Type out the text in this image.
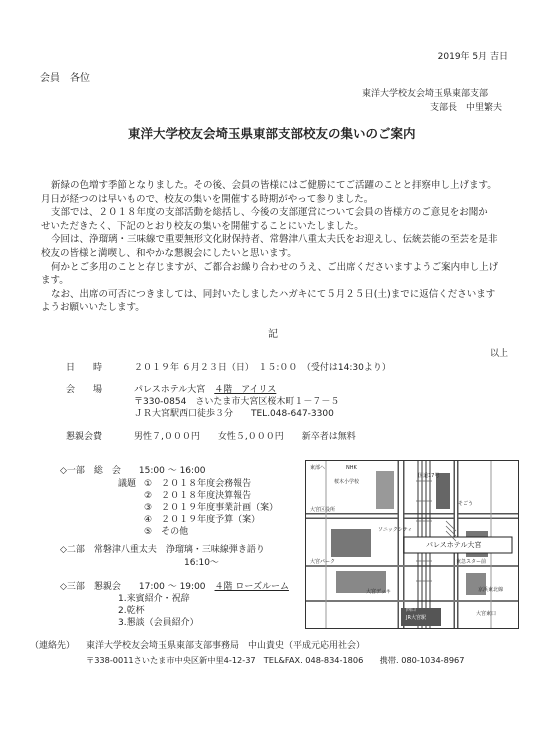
2019年 5月 吉日
会員　各位
東洋大学校友会埼玉県東部支部
支部長　中里繁夫
東洋大学校友会埼玉県東部支部校友の集いのご案内

新緑の色増す季節となりました。その後、会員の皆様にはご健勝にてご活躍のことと拝察申し上げます。

月日が経つのは早いもので、校友の集いを開催する時期がやって参りました。

支部では、２０１８年度の支部活動を総括し、今後の支部運営について会員の皆様方のご意見をお聞か

せいただきたく、下記のとおり校友の集いを開催することにいたしました。

今回は、浄瑠璃・三味線で重要無形文化財保持者、常磐津八重太夫氏をお迎えし、伝統芸能の至芸を是非

校友の皆様と満喫し、和やかな懇親会にしたいと思います。

何かとご多用のことと存じますが、ご都合お繰り合わせのうえ、ご出席くださいますようご案内申し上げ

ます。

なお、出席の可否につきましては、同封いたしましたハガキにて５月２５日(土)までに返信くださいます

ようお願いいたします。

記
以上
日　　時	２０１９年 ６月２３日（日）　１５:００　（受付は14:30より）
会　　場	パレスホテル大宮　４階　アイリス
〒330-0854　さいたま市大宮区桜木町１－７－５
ＪＲ大宮駅西口徒歩３分　　TEL.048-647-3300
懇親会費	男性７,０００円　　女性５,０００円　　新卒者は無料
◇一部　総　会　　15:00 ～ 16:00
議題 ①　２０１８年度会務報告
②　２０１８年度決算報告
③　２０１９年度事業計画（案）
④　２０１９年度予算（案）
⑤　その他
◇二部　常磐津八重太夫　浄瑠璃・三味線弾き語り
16:10～
◇三部　懇親会　　17:00 ～ 19:00　４階 ローズルーム
1.来賓紹介・祝辞
2.乾杯
3.懇談（会員紹介）
東部へ	NHK
桜木小学校
大宮区役所
そごう
国道17号
ソニックシティ
パレスホテル大宮
大宮パーク	東急スター前
大宮デッキ
西口
JR大宮駅
大宮東口
京浜東北線
（連絡先） 東洋大学校友会埼玉県東部支部事務局　中山貴史（平成元応用社会）
〒338-0011さいたま市中央区新中里4-12-37　TEL&FAX. 048-834-1806　　携帯. 080-1034-8967
